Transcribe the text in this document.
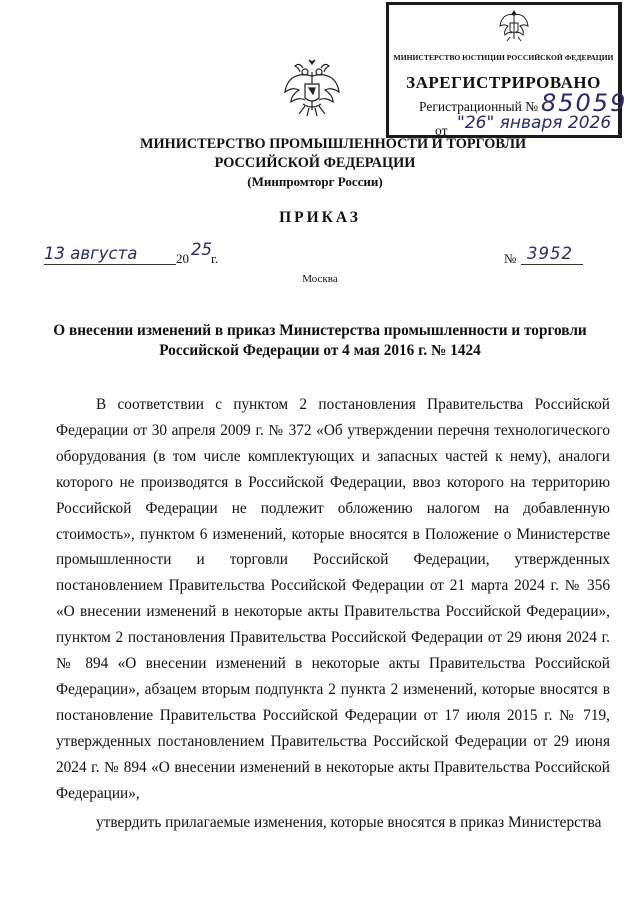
МИНИСТЕРСТВО ЮСТИЦИИ РОССИЙСКОЙ ФЕДЕРАЦИИ
ЗАРЕГИСТРИРОВАНО
Регистрационный № 85059
от "26" января 2026
МИНИСТЕРСТВО ПРОМЫШЛЕННОСТИ И ТОРГОВЛИ
РОССИЙСКОЙ ФЕДЕРАЦИИ
(Минпромторг России)
ПРИКАЗ
13 августа	20 25 г.	№ 3952
Москва
О внесении изменений в приказ Министерства промышленности и торговли
Российской Федерации от 4 мая 2016 г. № 1424

В соответствии с пунктом 2 постановления Правительства Российской Федерации от 30 апреля 2009 г. № 372 «Об утверждении перечня технологического оборудования (в том числе комплектующих и запасных частей к нему), аналоги которого не производятся в Российской Федерации, ввоз которого на территорию Российской Федерации не подлежит обложению налогом на добавленную стоимость», пунктом 6 изменений, которые вносятся в Положение о Министерстве промышленности и торговли Российской Федерации, утвержденных постановлением Правительства Российской Федерации от 21 марта 2024 г. № 356 «О внесении изменений в некоторые акты Правительства Российской Федерации», пунктом 2 постановления Правительства Российской Федерации от 29 июня 2024 г. № 894 «О внесении изменений в некоторые акты Правительства Российской Федерации», абзацем вторым подпункта 2 пункта 2 изменений, которые вносятся в постановление Правительства Российской Федерации от 17 июля 2015 г. № 719, утвержденных постановлением Правительства Российской Федерации от 29 июня 2024 г. № 894 «О внесении изменений в некоторые акты Правительства Российской Федерации»,

утвердить прилагаемые изменения, которые вносятся в приказ Министерства
